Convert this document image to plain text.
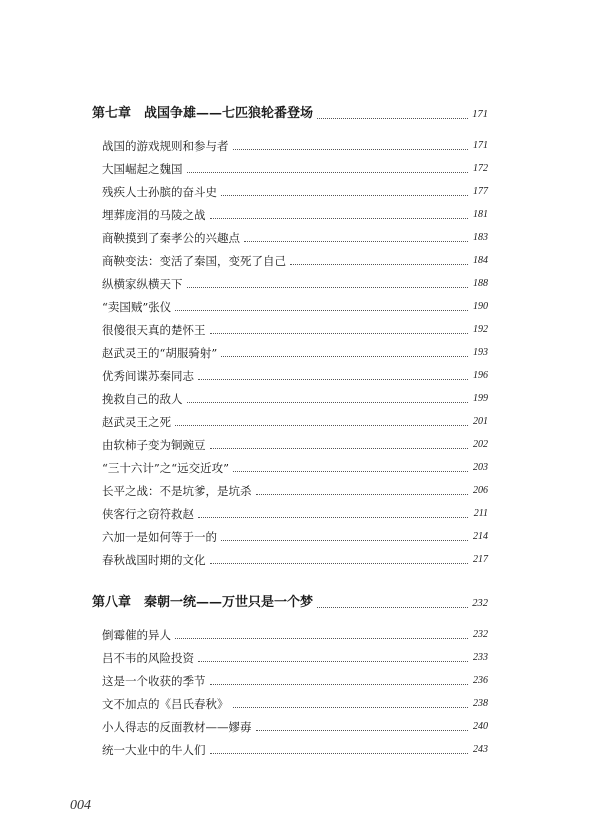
第七章　战国争雄——七匹狼轮番登场	171
战国的游戏规则和参与者	171
大国崛起之魏国	172
残疾人士孙膑的奋斗史	177
埋葬庞涓的马陵之战	181
商鞅摸到了秦孝公的兴趣点	183
商鞅变法：变活了秦国，变死了自己	184
纵横家纵横天下	188
“卖国贼”张仪	190
很傻很天真的楚怀王	192
赵武灵王的“胡服骑射”	193
优秀间谍苏秦同志	196
挽救自己的敌人	199
赵武灵王之死	201
由软柿子变为铜豌豆	202
“三十六计”之“远交近攻”	203
长平之战：不是坑爹，是坑杀	206
侠客行之窃符救赵	211
六加一是如何等于一的	214
春秋战国时期的文化	217
第八章　秦朝一统——万世只是一个梦	232
倒霉催的异人	232
吕不韦的风险投资	233
这是一个收获的季节	236
文不加点的《吕氏春秋》	238
小人得志的反面教材——嫪毐	240
统一大业中的牛人们	243
004
